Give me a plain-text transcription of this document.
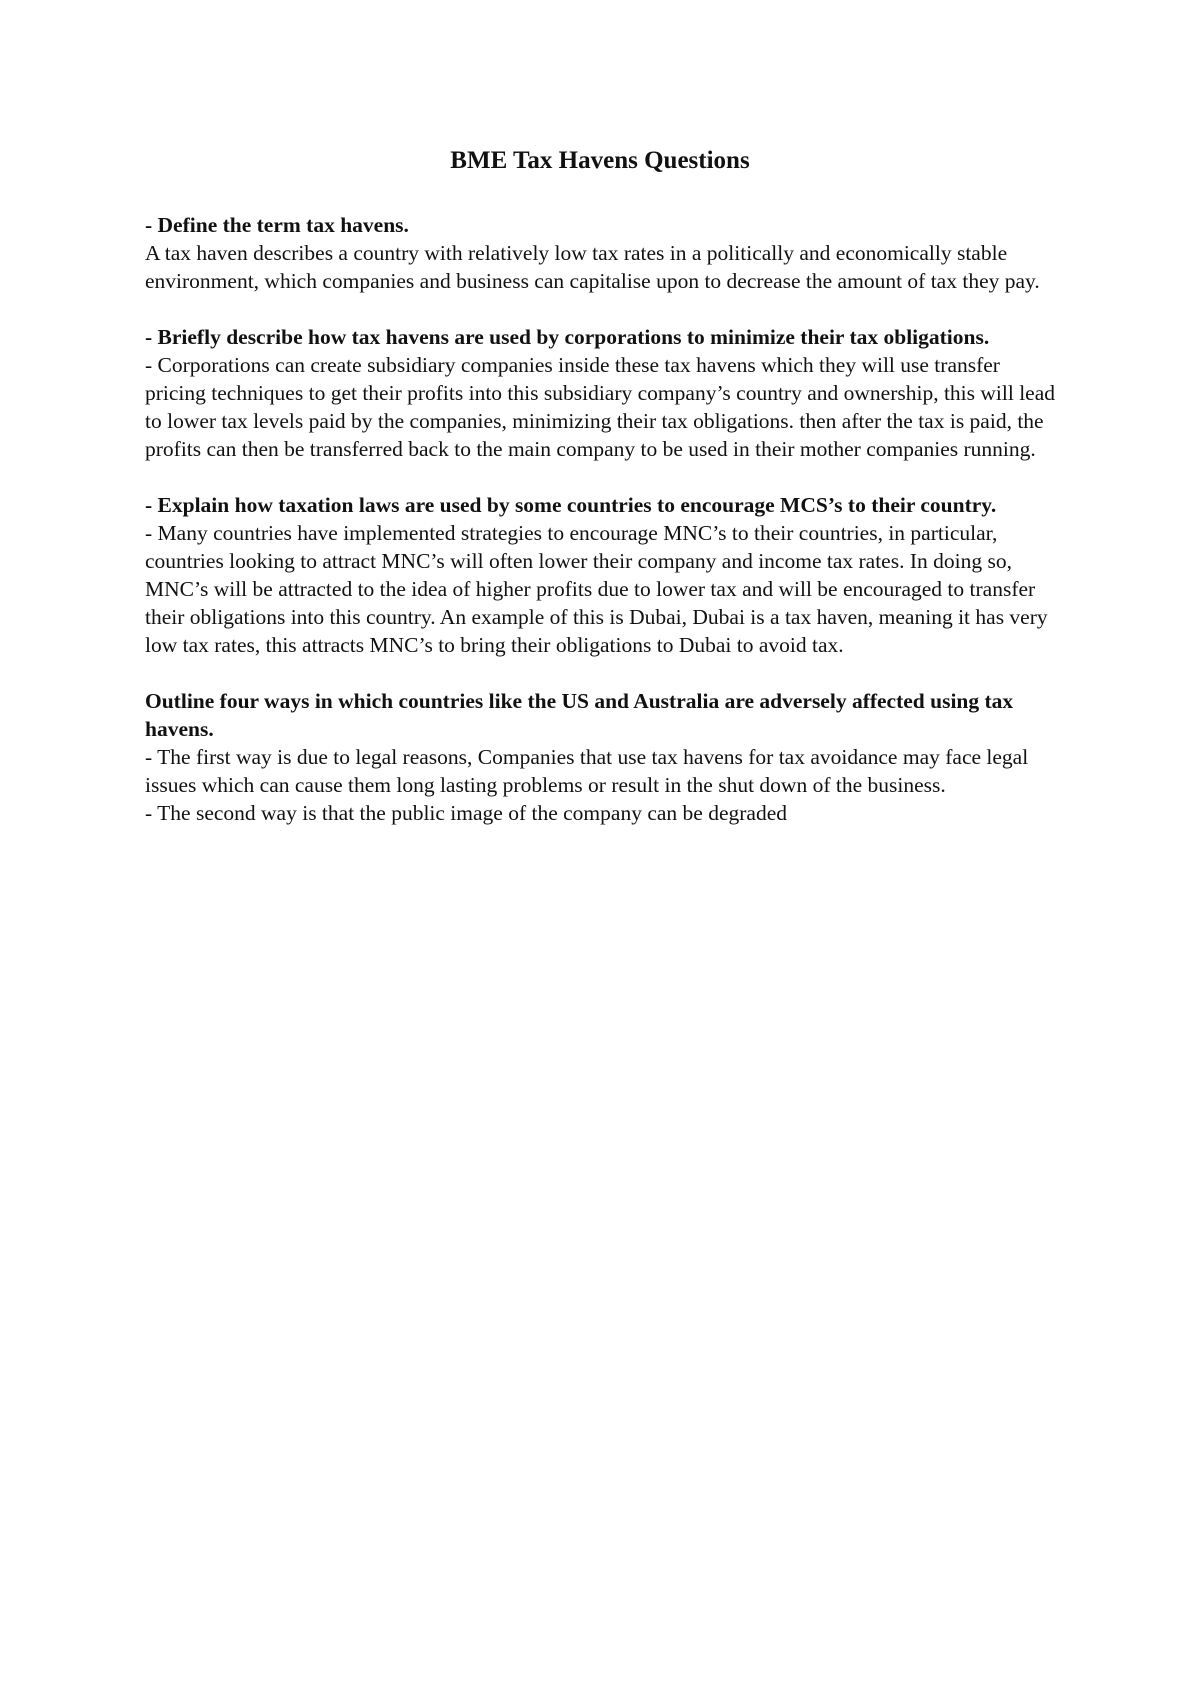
BME Tax Havens Questions

- Define the term tax havens.

A tax haven describes a country with relatively low tax rates in a politically and economically stable environment, which companies and business can capitalise upon to decrease the amount of tax they pay.

- Briefly describe how tax havens are used by corporations to minimize their tax obligations.

- Corporations can create subsidiary companies inside these tax havens which they will use transfer pricing techniques to get their profits into this subsidiary company’s country and ownership, this will lead to lower tax levels paid by the companies, minimizing their tax obligations. then after the tax is paid, the profits can then be transferred back to the main company to be used in their mother companies running.

- Explain how taxation laws are used by some countries to encourage MCS’s to their country.

- Many countries have implemented strategies to encourage MNC’s to their countries, in particular, countries looking to attract MNC’s will often lower their company and income tax rates. In doing so, MNC’s will be attracted to the idea of higher profits due to lower tax and will be encouraged to transfer their obligations into this country. An example of this is Dubai, Dubai is a tax haven, meaning it has very low tax rates, this attracts MNC’s to bring their obligations to Dubai to avoid tax.

Outline four ways in which countries like the US and Australia are adversely affected using tax havens.

- The first way is due to legal reasons, Companies that use tax havens for tax avoidance may face legal issues which can cause them long lasting problems or result in the shut down of the business.

- The second way is that the public image of the company can be degraded
